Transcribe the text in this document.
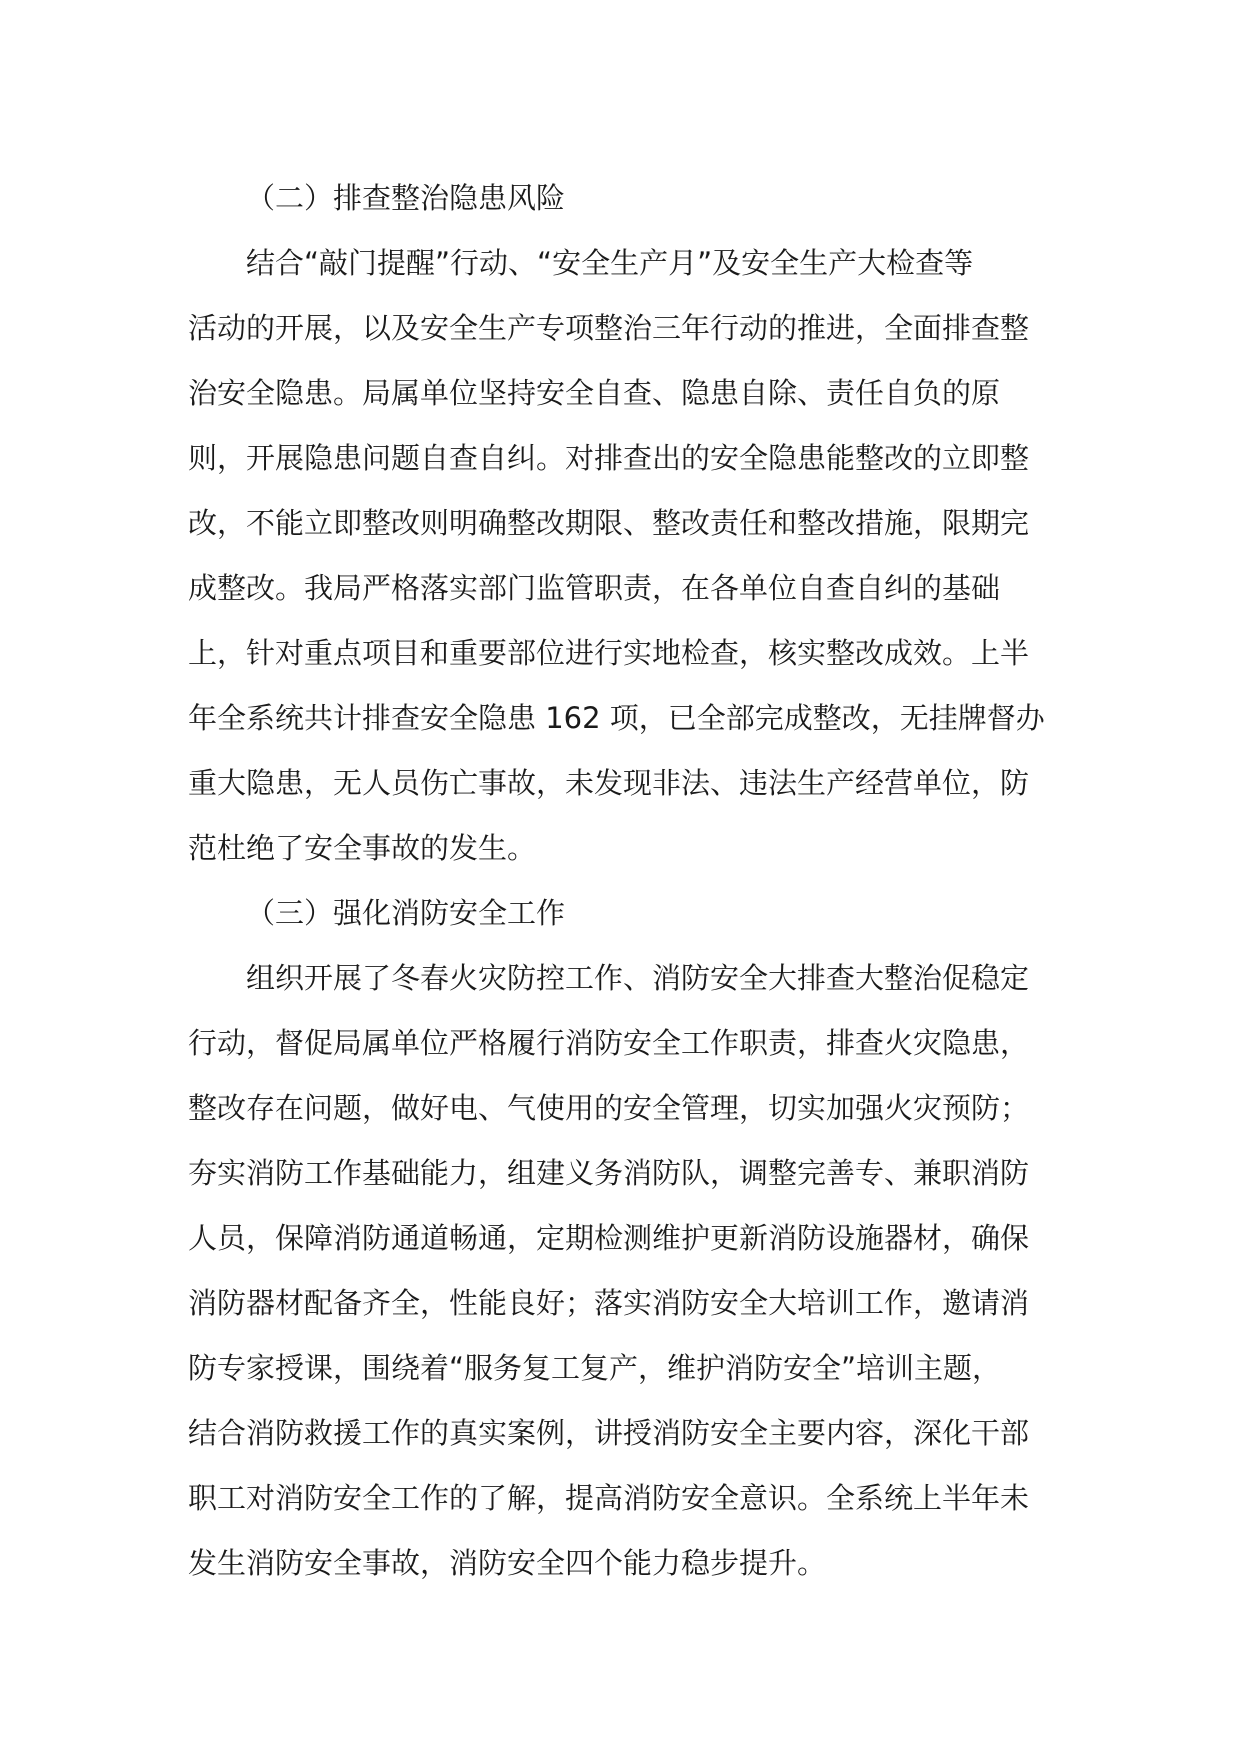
（二）排查整治隐患风险
结合“敲门提醒”行动、“安全生产月”及安全生产大检查等
活动的开展，以及安全生产专项整治三年行动的推进，全面排查整
治安全隐患。局属单位坚持安全自查、隐患自除、责任自负的原
则，开展隐患问题自查自纠。对排查出的安全隐患能整改的立即整
改，不能立即整改则明确整改期限、整改责任和整改措施，限期完
成整改。我局严格落实部门监管职责，在各单位自查自纠的基础
上，针对重点项目和重要部位进行实地检查，核实整改成效。上半
年全系统共计排查安全隐患 162 项，已全部完成整改，无挂牌督办
重大隐患，无人员伤亡事故，未发现非法、违法生产经营单位，防
范杜绝了安全事故的发生。
（三）强化消防安全工作
组织开展了冬春火灾防控工作、消防安全大排查大整治促稳定
行动，督促局属单位严格履行消防安全工作职责，排查火灾隐患，
整改存在问题，做好电、气使用的安全管理，切实加强火灾预防；
夯实消防工作基础能力，组建义务消防队，调整完善专、兼职消防
人员，保障消防通道畅通，定期检测维护更新消防设施器材，确保
消防器材配备齐全，性能良好；落实消防安全大培训工作，邀请消
防专家授课，围绕着“服务复工复产，维护消防安全”培训主题，
结合消防救援工作的真实案例，讲授消防安全主要内容，深化干部
职工对消防安全工作的了解，提高消防安全意识。全系统上半年未
发生消防安全事故，消防安全四个能力稳步提升。
